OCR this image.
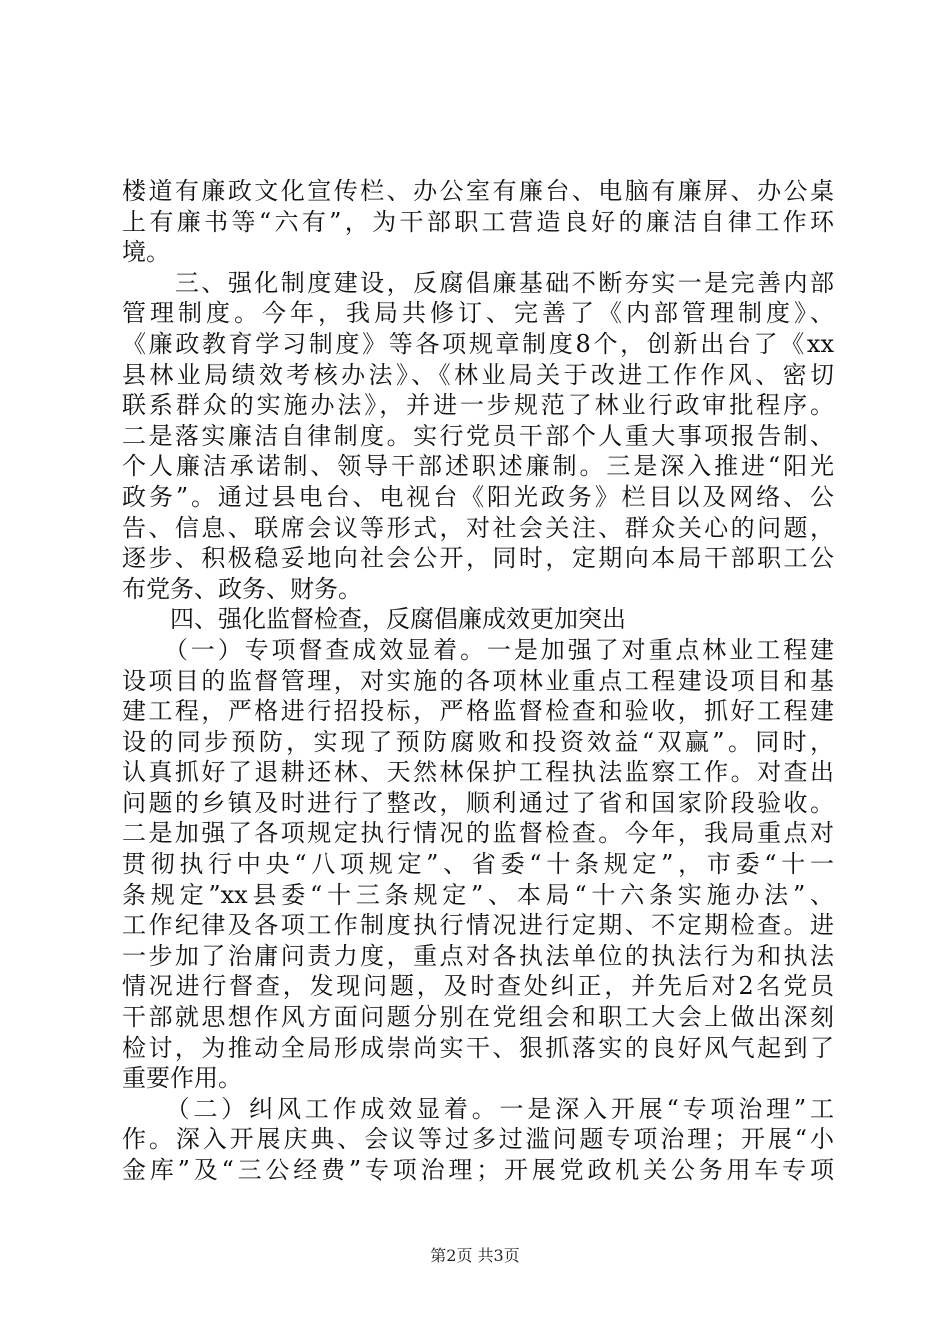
楼道有廉政文化宣传栏、办公室有廉台、电脑有廉屏、办公桌
上有廉书等“六有”，为干部职工营造良好的廉洁自律工作环
境。
　　三、强化制度建设，反腐倡廉基础不断夯实一是完善内部
管理制度。今年，我局共修订、完善了《内部管理制度》、
《廉政教育学习制度》等各项规章制度8个，创新出台了《xx
县林业局绩效考核办法》、《林业局关于改进工作作风、密切
联系群众的实施办法》，并进一步规范了林业行政审批程序。
二是落实廉洁自律制度。实行党员干部个人重大事项报告制、
个人廉洁承诺制、领导干部述职述廉制。三是深入推进“阳光
政务”。通过县电台、电视台《阳光政务》栏目以及网络、公
告、信息、联席会议等形式，对社会关注、群众关心的问题，
逐步、积极稳妥地向社会公开，同时，定期向本局干部职工公
布党务、政务、财务。
　　四、强化监督检查，反腐倡廉成效更加突出
　　（一）专项督查成效显着。一是加强了对重点林业工程建
设项目的监督管理，对实施的各项林业重点工程建设项目和基
建工程，严格进行招投标，严格监督检查和验收，抓好工程建
设的同步预防，实现了预防腐败和投资效益“双赢”。同时，
认真抓好了退耕还林、天然林保护工程执法监察工作。对查出
问题的乡镇及时进行了整改，顺利通过了省和国家阶段验收。
二是加强了各项规定执行情况的监督检查。今年，我局重点对
贯彻执行中央“八项规定”、省委“十条规定”，市委“十一
条规定”xx县委“十三条规定”、本局“十六条实施办法”、
工作纪律及各项工作制度执行情况进行定期、不定期检查。进
一步加了治庸问责力度，重点对各执法单位的执法行为和执法
情况进行督查，发现问题，及时查处纠正，并先后对2名党员
干部就思想作风方面问题分别在党组会和职工大会上做出深刻
检讨，为推动全局形成崇尚实干、狠抓落实的良好风气起到了
重要作用。
　　（二）纠风工作成效显着。一是深入开展“专项治理”工
作。深入开展庆典、会议等过多过滥问题专项治理；开展“小
金库”及“三公经费”专项治理；开展党政机关公务用车专项
第2页 共3页
